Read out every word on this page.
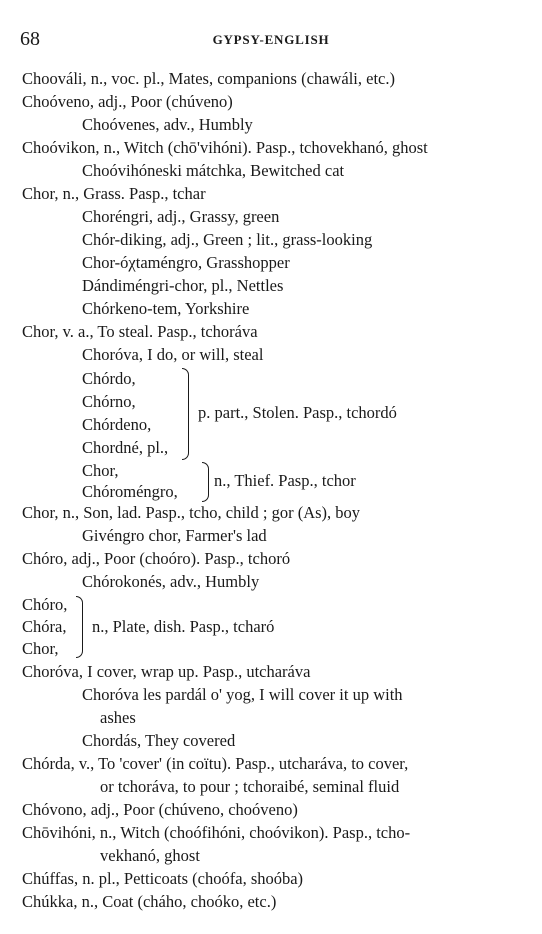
68	GYPSY-ENGLISH
Choováli, n., voc. pl., Mates, companions (chawáli, etc.)
Choóveno, adj., Poor (chúveno)
Choóvenes, adv., Humbly
Choóvikon, n., Witch (chō'vihóni). Pasp., tchovekhanó, ghost
Choóvihóneski mátchka, Bewitched cat
Chor, n., Grass. Pasp., tchar
Choréngri, adj., Grassy, green
Chór-diking, adj., Green ; lit., grass-looking
Chor-óχtaméngro, Grasshopper
Dándiméngri-chor, pl., Nettles
Chórkeno-tem, Yorkshire
Chor, v. a., To steal. Pasp., tchoráva
Choróva, I do, or will, steal
Chórdo,
Chórno,
Chórdeno,
Chordné, pl.,
Chor,
Chóroméngro,
Chor, n., Son, lad. Pasp., tcho, child ; gor (As), boy
Givéngro chor, Farmer's lad
Chóro, adj., Poor (choóro). Pasp., tchoró
Chórokonés, adv., Humbly
Chóro,
Chóra,
Chor,
Choróva, I cover, wrap up. Pasp., utcharáva
Choróva les pardál o' yog, I will cover it up with
ashes
Chordás, They covered
Chórda, v., To 'cover' (in coïtu). Pasp., utcharáva, to cover,
or tchoráva, to pour ; tchoraibé, seminal fluid
Chóvono, adj., Poor (chúveno, choóveno)
Chōvihóni, n., Witch (choófihóni, choóvikon). Pasp., tcho-
vekhanó, ghost
Chúffas, n. pl., Petticoats (choófa, shoóba)
Chúkka, n., Coat (cháho, choóko, etc.)
p. part., Stolen. Pasp., tchordó
n., Thief. Pasp., tchor
n., Plate, dish. Pasp., tcharó
